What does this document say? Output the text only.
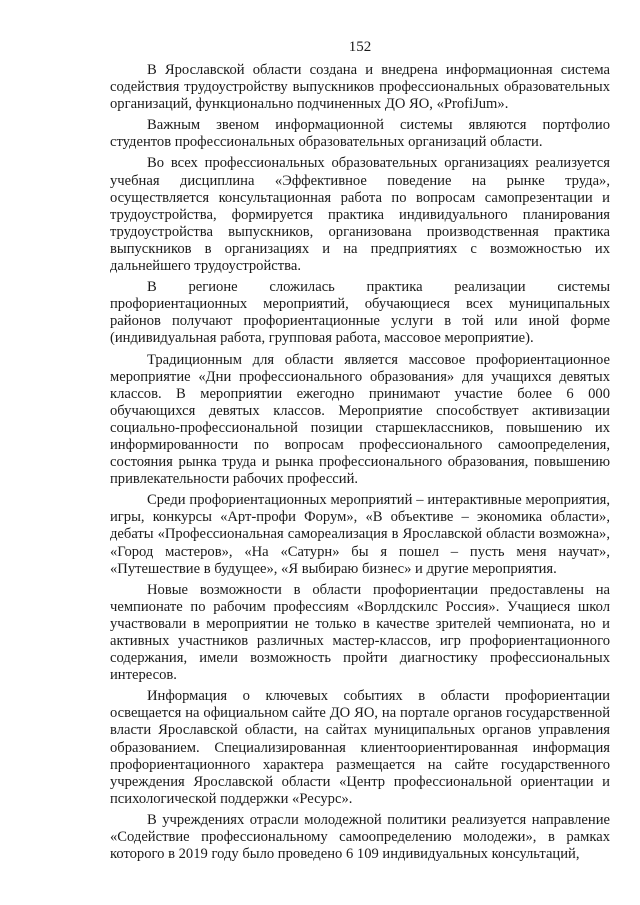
152

В Ярославской области создана и внедрена информационная система содействия трудоустройству выпускников профессиональных образовательных организаций, функционально подчиненных ДО ЯО, «ProfiJum».

Важным звеном информационной системы являются портфолио студентов профессиональных образовательных организаций области.

Во всех профессиональных образовательных организациях реализуется учебная дисциплина «Эффективное поведение на рынке труда», осуществляется консультационная работа по вопросам самопрезентации и трудоустройства, формируется практика индивидуального планирования трудоустройства выпускников, организована производственная практика выпускников в организациях и на предприятиях с возможностью их дальнейшего трудоустройства.

В регионе сложилась практика реализации системы профориентационных мероприятий, обучающиеся всех муниципальных районов получают профориентационные услуги в той или иной форме (индивидуальная работа, групповая работа, массовое мероприятие).

Традиционным для области является массовое профориентационное мероприятие «Дни профессионального образования» для учащихся девятых классов. В мероприятии ежегодно принимают участие более 6 000 обучающихся девятых классов. Мероприятие способствует активизации социально-профессиональной позиции старшеклассников, повышению их информированности по вопросам профессионального самоопределения, состояния рынка труда и рынка профессионального образования, повышению привлекательности рабочих профессий.

Среди профориентационных мероприятий – интерактивные мероприятия, игры, конкурсы «Арт-профи Форум», «В объективе – экономика области», дебаты «Профессиональная самореализация в Ярославской области возможна», «Город мастеров», «На «Сатурн» бы я пошел – пусть меня научат», «Путешествие в будущее», «Я выбираю бизнес» и другие мероприятия.

Новые возможности в области профориентации предоставлены на чемпионате по рабочим профессиям «Ворлдскилс Россия». Учащиеся школ участвовали в мероприятии не только в качестве зрителей чемпионата, но и активных участников различных мастер-классов, игр профориентационного содержания, имели возможность пройти диагностику профессиональных интересов.

Информация о ключевых событиях в области профориентации освещается на официальном сайте ДО ЯО, на портале органов государственной власти Ярославской области, на сайтах муниципальных органов управления образованием. Специализированная клиентоориентированная информация профориентационного характера размещается на сайте государственного учреждения Ярославской области «Центр профессиональной ориентации и психологической поддержки «Ресурс».

В учреждениях отрасли молодежной политики реализуется направление «Содействие профессиональному самоопределению молодежи», в рамках которого в 2019 году было проведено 6 109 индивидуальных консультаций,
